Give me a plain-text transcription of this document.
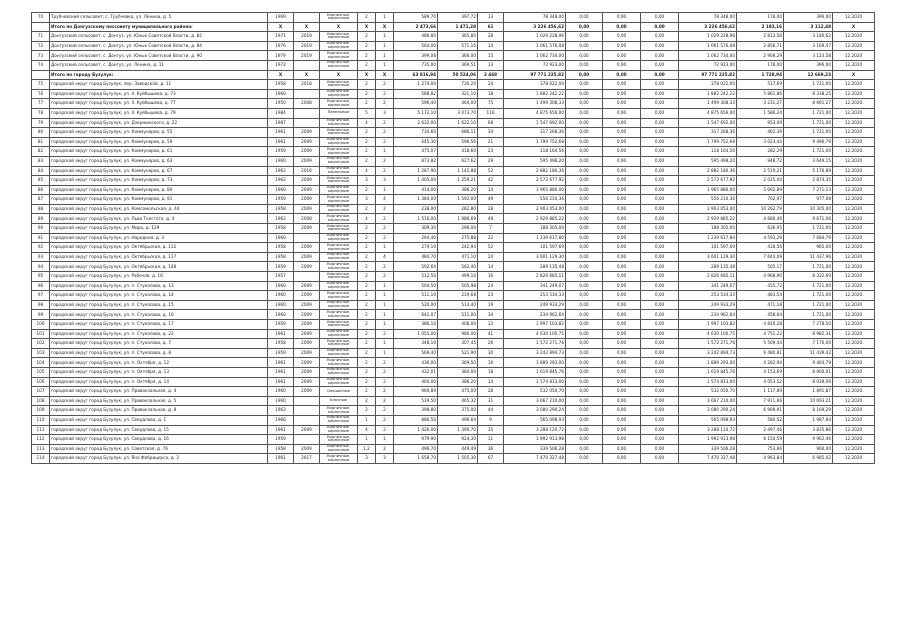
70	Трубчевский сельсовет, с. Трубчевка, ул. Ленина, д. 5	1969		Кирпичные, кирпичные	2	1	589,70	397,72	13	78 348,00	0,00	0,00	0,00	78 348,00	178,00	396,00	12.2020
	Итого по Донгузскому поссовету муниципального района:	X	X	X	X	X	2 473,66	1 471,28	61	3 226 456,62	0,00	0,00	0,00	3 226 456,62	2 193,16	3 112,48	X
71	Донгузский сельсовет, с. Донгуз, ул. Юных Советской Власти, д. 82	1971	2019	Кирпичные, кирпичные	2	1	486,80	365,80	28	1 029 228,96	0,00	0,00	0,00	1 029 228,96	2 813,56	3 180,62	12.2020
72	Донгузский сельсовет, с. Донгуз, ул. Юных Советской Власти, д. 84	1976	2019	Кирпичные, кирпичные	2	1	564,00	571,16	14	1 061 576,08	0,00	0,00	0,00	1 061 576,08	2 856,71	3 169,47	12.2020
73	Донгузский сельсовет, с. Донгуз, ул. Юных Советской Власти, д. 90	1979	2019	Кирпичные, кирпичные	2	1	399,08	366,00	15	1 062 734,00	0,00	0,00	0,00	1 062 734,00	2 908,29	3 123,58	12.2020
74	Донгузский сельсовет, с. Донгуз, ул. Ленина, д. 11	1972		Кирпичные, кирпичные	2	1	735,00	369,51	13	72 923,00	0,00	0,00	0,00	72 923,00	178,00	396,00	12.2020
	Итого по городу Бузулук:	X	X	X	X	X	63 816,94	50 524,06	2 468	97 771 225,82	0,00	0,00	0,00	97 771 225,82	1 728,94	12 669,23	X
75	городской округ город Бузулук, пер. Заводской, д. 11	1958	2018	Кирпичные, кирпичные	2	2	1 274,00	730,20	24	378 022,00	0,00	0,00	0,00	378 022,00	517,69	1 721,00	12.2020
76	городской округ город Бузулук, ул. II. Куйбышева, д. 73	1960		Кирпичные, кирпичные	2	2	588,82	321,10	18	1 882 242,22	0,00	0,00	0,00	1 882 242,22	5 861,86	8 338,25	12.2020
77	городской округ город Бузулук, ул. II. Куйбышева, д. 77	1950	2008	Кирпичные, кирпичные	2	2	596,40	464,00	75	1 499 308,33	0,00	0,00	0,00	1 499 308,33	3 231,27	8 691,27	12.2020
78	городской округ город Бузулук, ул. II. Куйбышева, д. 79	1984		Панельные	5	3	5 172,10	3 073,70	116	4 875 656,00	0,00	0,00	0,00	4 875 656,00	1 586,24	1 721,00	12.2020
79	городской округ город Бузулук, ул. Дзержинского, д. 22	1987		Кирпичные, кирпичные	4	2	2 632,00	1 622,10	68	1 547 692,00	0,00	0,00	0,00	1 547 692,00	953,09	1 721,00	12.2020
80	городской округ город Бузулук, ул. Коммунаров, д. 55	1961	2009	Кирпичные, кирпичные	2	2	734,60	686,11	34	317 268,36	0,00	0,00	0,00	317 268,36	462,39	1 721,00	12.2020
81	городской округ город Бузулук, ул. Коммунаров, д. 59	1961	2009	Кирпичные, кирпичные	2	2	645,30	596,56	21	1 799 752,68	0,00	0,00	0,00	1 799 752,68	3 023,44	9 496,79	12.2020
82	городской округ город Бузулук, ул. Коммунаров, д. 61	1959	2009	Кирпичные, кирпичные	2	1	475,07	418,60	23	118 164,56	0,00	0,00	0,00	118 164,56	282,29	1 721,00	12.2020
83	городской округ город Бузулук, ул. Коммунаров, д. 63	1960	2009	Кирпичные, кирпичные	2	2	873,82	627,62	29	595 498,20	0,00	0,00	0,00	595 498,20	948,72	3 649,15	12.2020
84	городской округ город Бузулук, ул. Коммунаров, д. 67	1962	2016	Кирпичные, кирпичные	4	2	1 287,90	1 142,88	52	2 882 180,36	0,00	0,00	0,00	2 882 180,36	2 519,21	5 176,89	12.2020
85	городской округ город Бузулук, ул. Коммунаров, д. 73	1962	2009	Кирпичные, кирпичные	3	3	1 405,00	1 259,21	42	2 572 677,92	0,00	0,00	0,00	2 572 677,92	2 025,00	2 874,35	12.2020
86	городской округ город Бузулук, ул. Коммунаров, д. 80	1960	2009	Кирпичные, кирпичные	2	1	414,00	386,20	14	1 965 880,00	0,00	0,00	0,00	1 965 880,00	5 092,89	7 271,13	12.2020
87	городской округ город Бузулук, ул. Коммунаров, д. 91	1959	2009	Кирпичные, кирпичные	3	4	1 384,00	1 592,00	49	556 210,36	0,00	0,00	0,00	556 210,36	702,97	977,08	12.2020
88	городской округ город Бузулук, ул. Комсомольская, д. 44	1958	2009	Кирпичные, кирпичные	2	2	238,00	282,80	28	2 903 053,00	0,00	0,00	0,00	2 903 053,00	10 262,79	10 305,00	12.2020
89	городской округ город Бузулук, ул. Льва Толстого, д. 4	1962	2008	Кирпичные, кирпичные	4	2	1 516,00	1 986,69	49	2 929 885,22	0,00	0,00	0,00	2 929 885,22	4 680,46	9 671,06	12.2020
90	городской округ город Бузулук, ул. Мира, д. 129	1958	2009	Кирпичные, кирпичные	2	2	309,30	296,00	7	188 305,00	0,00	0,00	0,00	188 305,00	636,95	1 721,00	12.2020
91	городской округ город Бузулук, ул. Народная, д. 3	1960		Кирпичные, кирпичные	2	2	294,40	275,88	22	1 239 617,80	0,00	0,00	0,00	1 239 617,80	4 593,29	7 684,79	12.2020
92	городской округ город Бузулук, ул. Октябрьская, д. 112	1958	2009	Кирпичные, кирпичные	2	1	279,10	242,94	52	101 597,69	0,00	0,00	0,00	101 597,69	418,56	965,00	12.2020
93	городской округ город Бузулук, ул. Октябрьская, д. 117	1958	2009	Кирпичные, кирпичные	2	4	484,70	471,10	24	3 601 129,30	0,00	0,00	0,00	3 601 129,30	7 644,09	11 437,96	12.2020
94	городской округ город Бузулук, ул. Октябрьская, д. 148	1959	2009	Кирпичные, кирпичные	2	2	592,64	562,40	14	289 135,48	0,00	0,00	0,00	289 135,48	505,17	1 721,00	12.2020
95	городской округ город Бузулук, ул. Рабочая, д. 16	1957		Кирпичные, кирпичные	2	2	512,50	499,10	16	2 826 685,11	0,00	0,00	0,00	2 826 685,11	4 968,90	8 332,69	12.2020
96	городской округ город Бузулук, ул. п. Стукалова, д. 13	1960	2009	Кирпичные, кирпичные	2	1	504,50	505,98	24	341 249,07	0,00	0,00	0,00	341 249,07	455,72	1 721,00	12.2020
97	городской округ город Бузулук, ул. п. Стукалова, д. 14	1960	2009	Кирпичные, кирпичные	2	1	511,10	219,68	23	253 534,33	0,00	0,00	0,00	253 534,33	483,54	1 721,00	12.2020
98	городской округ город Бузулук, ул. п. Стукалова, д. 15	1960	2009	Кирпичные, кирпичные	2	1	520,00	514,40	19	249 933,29	0,00	0,00	0,00	249 933,29	471,18	1 721,00	12.2020
99	городской округ город Бузулук, ул. п. Стукалова, д. 16	1960	2009	Кирпичные, кирпичные	2	1	642,07	511,00	34	234 962,64	0,00	0,00	0,00	234 962,64	458,64	1 721,00	12.2020
100	городской округ город Бузулук, ул. п. Стукалова, д. 17	1959	2009	Кирпичные, кирпичные	2	1	386,10	408,00	12	1 997 103,82	0,00	0,00	0,00	1 997 103,82	4 810,28	7 278,50	12.2020
101	городской округ город Бузулук, ул. п. Стукалова, д. 22	1961	2009	Кирпичные, кирпичные	2	2	1 055,00	980,00	41	4 630 100,75	0,00	0,00	0,00	4 630 100,75	4 751,22	8 982,31	12.2020
102	городской округ город Бузулук, ул. п. Стукалова, д. 7	1958	2009	Кирпичные, кирпичные	2	1	348,10	307,45	26	1 572 271,76	0,00	0,00	0,00	1 572 271,76	5 509,44	7 176,00	12.2020
103	городской округ город Бузулук, ул. п. Стукалова, д. 8	1959	2009	Кирпичные, кирпичные	2	1	569,40	521,90	30	3 242 894,73	0,00	0,00	0,00	3 242 894,73	6 480,81	11 439,42	12.2020
104	городской округ город Бузулук, ул. п. Октября, д. 12	1961	2009	Кирпичные, кирпичные	2	2	436,00	369,50	16	1 889 293,00	0,00	0,00	0,00	1 889 293,00	4 282,94	9 464,79	12.2020
105	городской округ город Бузулук, ул. п. Октября, д. 13	1961	2009	Кирпичные, кирпичные	2	2	432,01	384,00	18	1 619 845,76	0,00	0,00	0,00	1 619 845,76	4 153,69	8 900,01	12.2020
106	городской округ город Бузулук, ул. п. Октября, д. 14	1961	2009	Кирпичные, кирпичные	2	2	404,00	386,20	14	1 574 813,00	0,00	0,00	0,00	1 574 813,00	4 053,52	8 039,06	12.2020
107	городской округ город Бузулук, ул. Привокзальная, д. 4	1960	2009	Смешанные	2	2	960,89	475,00	28	532 050,70	0,00	0,00	0,00	532 050,70	1 117,89	1 891,87	12.2020
108	городской округ город Бузулук, ул. Привокзальная, д. 5	1960		Блочные	2	2	519,50	465,32	31	3 667 210,00	0,00	0,00	0,00	3 667 210,00	7 911,66	10 693,21	12.2020
109	городской округ город Бузулук, ул. Привокзальная, д. 8	1963		Кирпичные, кирпичные	2	2	398,80	375,00	44	3 080 290,24	0,00	0,00	0,00	3 080 290,24	6 909,91	8 169,29	12.2020
110	городской округ город Бузулук, ул. Свердлова, д. 1	1966		Кирпичные, кирпичные	1	2	886,50	496,64	9	565 098,93	0,00	0,00	0,00	565 098,93	580,52	1 987,94	12.2020
111	городской округ город Бузулук, ул. Свердлова, д. 15	1961	2009	Кирпичные, кирпичные	4	2	1 426,00	1 390,70	35	3 288 120,72	0,00	0,00	0,00	3 288 120,72	2 497,46	3 835,86	12.2020
112	городской округ город Бузулук, ул. Свердлова, д. 16	1959		Кирпичные, кирпичные	1	1	979,90	924,30	11	1 992 913,98	0,00	0,00	0,00	1 992 913,98	6 150,59	9 962,46	12.2020
113	городской округ город Бузулук, ул. Советская, д. 76	1958	2009	Кирпичные, кирпичные	1,2	2	496,70	449,49	36	339 506,28	0,00	0,00	0,00	339 506,28	753,66	960,00	12.2020
114	городской округ город Бузулук, ул. Яна Фабрициуса, д. 2	1961	2017	Кирпичные, кирпичные	3	3	1 658,70	1 505,30	67	7 470 327,48	0,00	0,00	0,00	7 470 327,48	4 963,84	6 985,02	12.2020
